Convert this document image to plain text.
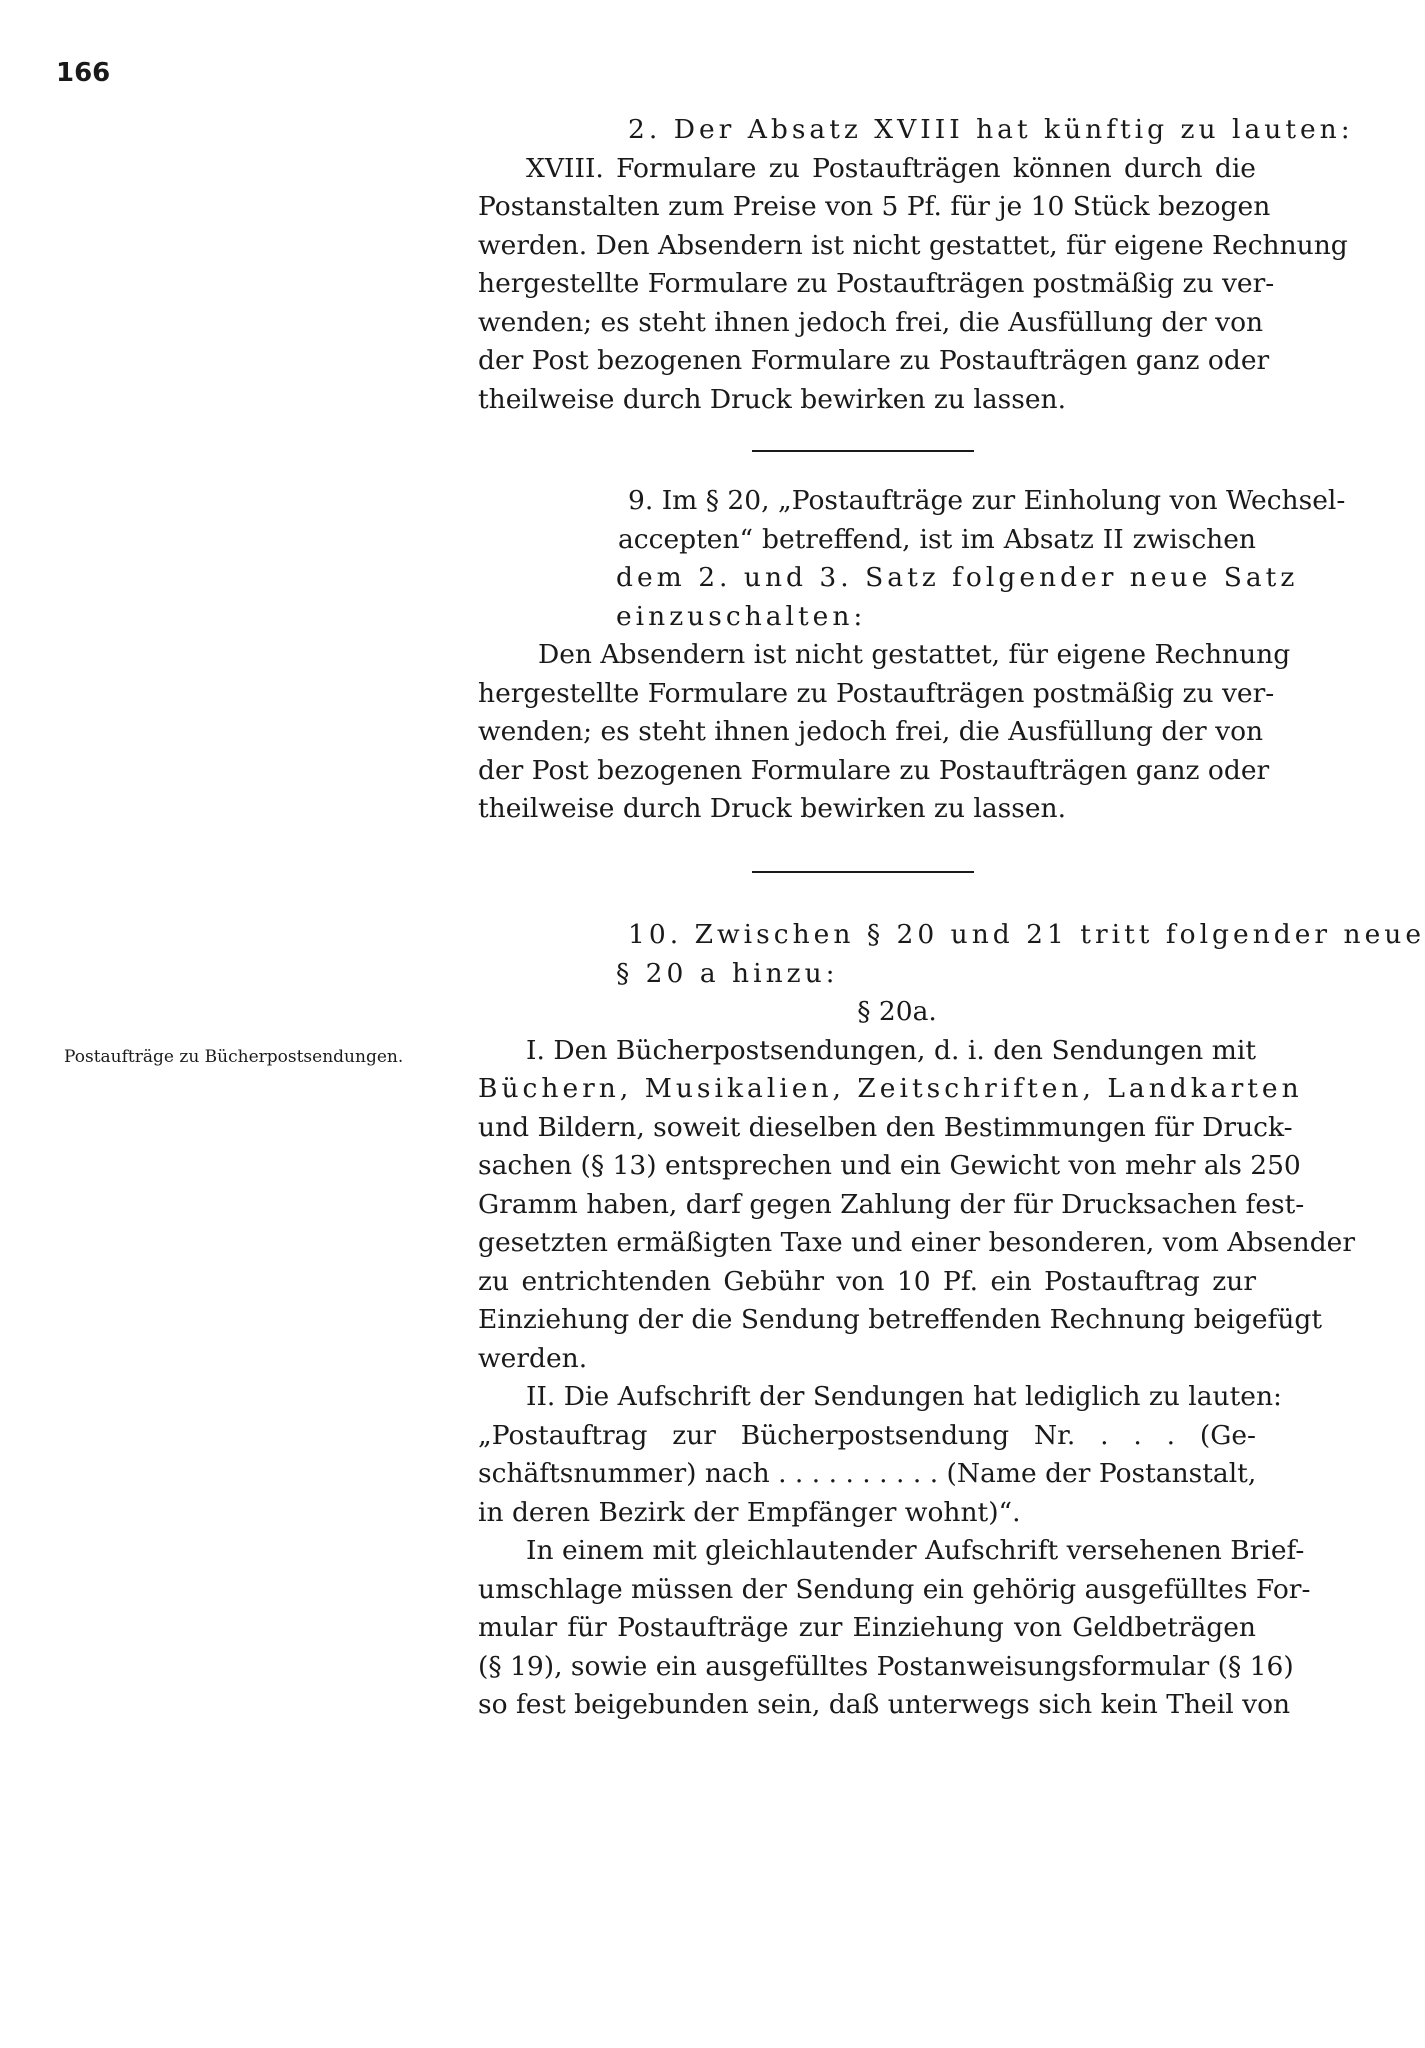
166
2. Der Absatz XVIII hat künftig zu lauten:
XVIII. Formulare zu Postaufträgen können durch die
Postanstalten zum Preise von 5 Pf. für je 10 Stück bezogen
werden. Den Absendern ist nicht gestattet, für eigene Rechnung
hergestellte Formulare zu Postaufträgen postmäßig zu ver-
wenden; es steht ihnen jedoch frei, die Ausfüllung der von
der Post bezogenen Formulare zu Postaufträgen ganz oder
theilweise durch Druck bewirken zu lassen.
9. Im § 20, „Postaufträge zur Einholung von Wechsel-
accepten“ betreffend, ist im Absatz II zwischen
dem 2. und 3. Satz folgender neue Satz
einzuschalten:
Den Absendern ist nicht gestattet, für eigene Rechnung
hergestellte Formulare zu Postaufträgen postmäßig zu ver-
wenden; es steht ihnen jedoch frei, die Ausfüllung der von
der Post bezogenen Formulare zu Postaufträgen ganz oder
theilweise durch Druck bewirken zu lassen.
10. Zwischen § 20 und 21 tritt folgender neue
§ 20 a hinzu:
§ 20a.
I. Den Bücherpostsendungen, d. i. den Sendungen mit
Büchern, Musikalien, Zeitschriften, Landkarten
und Bildern, soweit dieselben den Bestimmungen für Druck-
sachen (§ 13) entsprechen und ein Gewicht von mehr als 250
Gramm haben, darf gegen Zahlung der für Drucksachen fest-
gesetzten ermäßigten Taxe und einer besonderen, vom Absender
zu entrichtenden Gebühr von 10 Pf. ein Postauftrag zur
Einziehung der die Sendung betreffenden Rechnung beigefügt
werden.
II. Die Aufschrift der Sendungen hat lediglich zu lauten:
„Postauftrag zur Bücherpostsendung Nr. . . . (Ge-
schäftsnummer) nach . . . . . . . . . . (Name der Postanstalt,
in deren Bezirk der Empfänger wohnt)“.
In einem mit gleichlautender Aufschrift versehenen Brief-
umschlage müssen der Sendung ein gehörig ausgefülltes For-
mular für Postaufträge zur Einziehung von Geldbeträgen
(§ 19), sowie ein ausgefülltes Postanweisungsformular (§ 16)
so fest beigebunden sein, daß unterwegs sich kein Theil von
Postaufträge zu Bücherpostsendungen.
